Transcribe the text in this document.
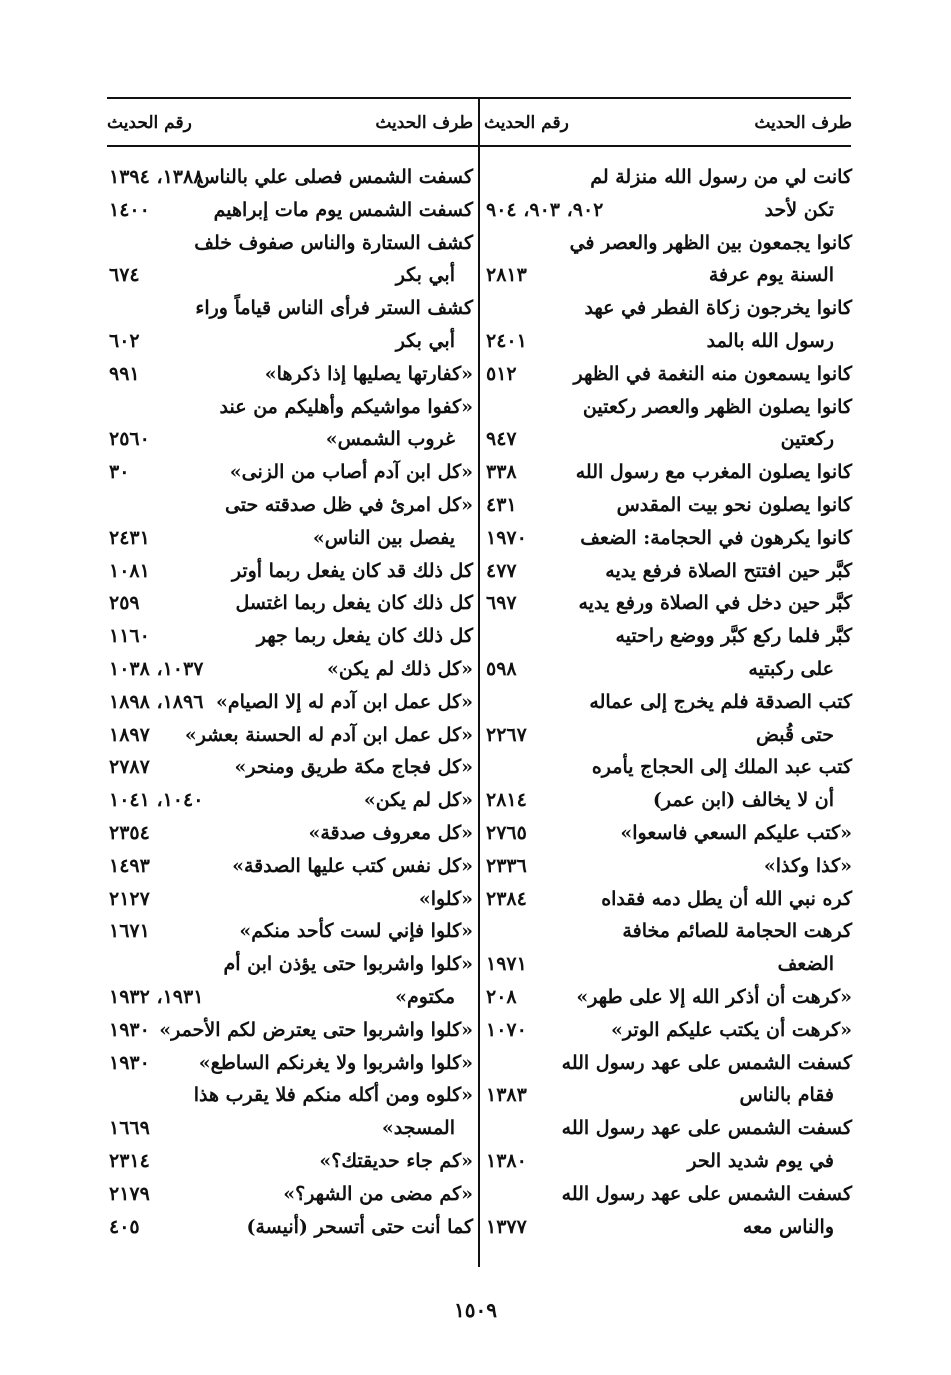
طرف الحديث
رقم الحديث
كانت لي من رسول الله منزلة لم
تكن لأحد
٩٠٢، ٩٠٣، ٩٠٤
كانوا يجمعون بين الظهر والعصر في
السنة يوم عرفة
٢٨١٣
كانوا يخرجون زكاة الفطر في عهد
رسول الله بالمد
٢٤٠١
كانوا يسمعون منه النغمة في الظهر
٥١٢
كانوا يصلون الظهر والعصر ركعتين
ركعتين
٩٤٧
كانوا يصلون المغرب مع رسول الله
٣٣٨
كانوا يصلون نحو بيت المقدس
٤٣١
كانوا يكرهون في الحجامة: الضعف
١٩٧٠
كبَّر حين افتتح الصلاة فرفع يديه
٤٧٧
كبَّر حين دخل في الصلاة ورفع يديه
٦٩٧
كبَّر فلما ركع كبَّر ووضع راحتيه
على ركبتيه
٥٩٨
كتب الصدقة فلم يخرج إلى عماله
حتى قُبض
٢٢٦٧
كتب عبد الملك إلى الحجاج يأمره
أن لا يخالف (ابن عمر)
٢٨١٤
«كتب عليكم السعي فاسعوا»
٢٧٦٥
«كذا وكذا»
٢٣٣٦
كره نبي الله أن يطل دمه فقداه
٢٣٨٤
كرهت الحجامة للصائم مخافة
الضعف
١٩٧١
«كرهت أن أذكر الله إلا على طهر»
٢٠٨
«كرهت أن يكتب عليكم الوتر»
١٠٧٠
كسفت الشمس على عهد رسول الله
فقام بالناس
١٣٨٣
كسفت الشمس على عهد رسول الله
في يوم شديد الحر
١٣٨٠
كسفت الشمس على عهد رسول الله
والناس معه
١٣٧٧
طرف الحديث
رقم الحديث
كسفت الشمس فصلى علي بالناس
١٣٨٨، ١٣٩٤
كسفت الشمس يوم مات إبراهيم
١٤٠٠
كشف الستارة والناس صفوف خلف
أبي بكر
٦٧٤
كشف الستر فرأى الناس قياماً وراء
أبي بكر
٦٠٢
«كفارتها يصليها إذا ذكرها»
٩٩١
«كفوا مواشيكم وأهليكم من عند
غروب الشمس»
٢٥٦٠
«كل ابن آدم أصاب من الزنى»
٣٠
«كل امرئ في ظل صدقته حتى
يفصل بين الناس»
٢٤٣١
كل ذلك قد كان يفعل ربما أوتر
١٠٨١
كل ذلك كان يفعل ربما اغتسل
٢٥٩
كل ذلك كان يفعل ربما جهر
١١٦٠
«كل ذلك لم يكن»
١٠٣٧، ١٠٣٨
«كل عمل ابن آدم له إلا الصيام»
١٨٩٦، ١٨٩٨
«كل عمل ابن آدم له الحسنة بعشر»
١٨٩٧
«كل فجاج مكة طريق ومنحر»
٢٧٨٧
«كل لم يكن»
١٠٤٠، ١٠٤١
«كل معروف صدقة»
٢٣٥٤
«كل نفس كتب عليها الصدقة»
١٤٩٣
«كلوا»
٢١٢٧
«كلوا فإني لست كأحد منكم»
١٦٧١
«كلوا واشربوا حتى يؤذن ابن أم
مكتوم»
١٩٣١، ١٩٣٢
«كلوا واشربوا حتى يعترض لكم الأحمر»
١٩٣٠
«كلوا واشربوا ولا يغرنكم الساطع»
١٩٣٠
«كلوه ومن أكله منكم فلا يقرب هذا
المسجد»
١٦٦٩
«كم جاء حديقتك؟»
٢٣١٤
«كم مضى من الشهر؟»
٢١٧٩
كما أنت حتى أتسحر (أنيسة)
٤٠٥
١٥٠٩
